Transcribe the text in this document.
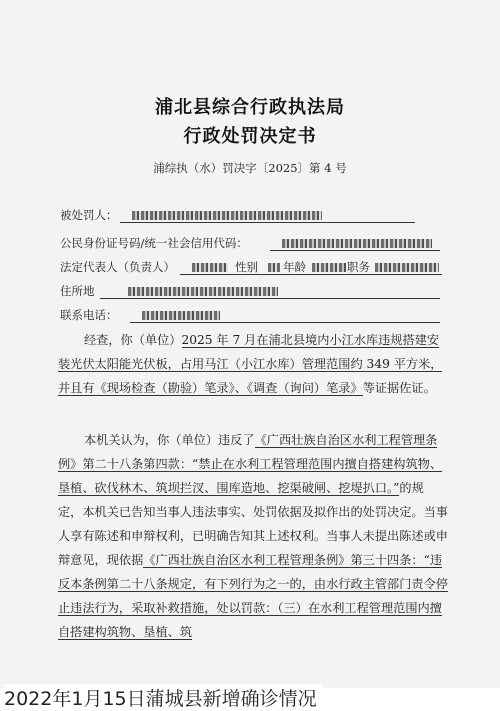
浦北县综合行政执法局
行政处罚决定书
浦综执（水）罚决字〔2025〕第 4 号
被处罚人：
公民身份证号码/统一社会信用代码：
法定代表人（负责人）	性别 年龄	职务
住所地
联系电话：

经查，你（单位）2025 年 7 月在浦北县境内小江水库违规搭建安装光伏太阳能光伏板，占用马江（小江水库）管理范围约 349 平方米，并且有《现场检查（勘验）笔录》、《调查（询问）笔录》等证据佐证。

本机关认为，你（单位）违反了《广西壮族自治区水利工程管理条例》第二十八条第四款：“禁止在水利工程管理范围内擅自搭建构筑物、垦植、砍伐林木、筑坝拦汊、围库造地、挖渠破闸、挖堤扒口。”的规定，本机关已告知当事人违法事实、处罚依据及拟作出的处罚决定。当事人享有陈述和申辩权利，已明确告知其上述权利。当事人未提出陈述或申辩意见，现依据《广西壮族自治区水利工程管理条例》第三十四条：“违反本条例第二十八条规定，有下列行为之一的，由水行政主管部门责令停止违法行为，采取补救措施，处以罚款：（三）在水利工程管理范围内擅自搭建构筑物、垦植、筑

2022年1月15日蒲城县新增确诊情况
